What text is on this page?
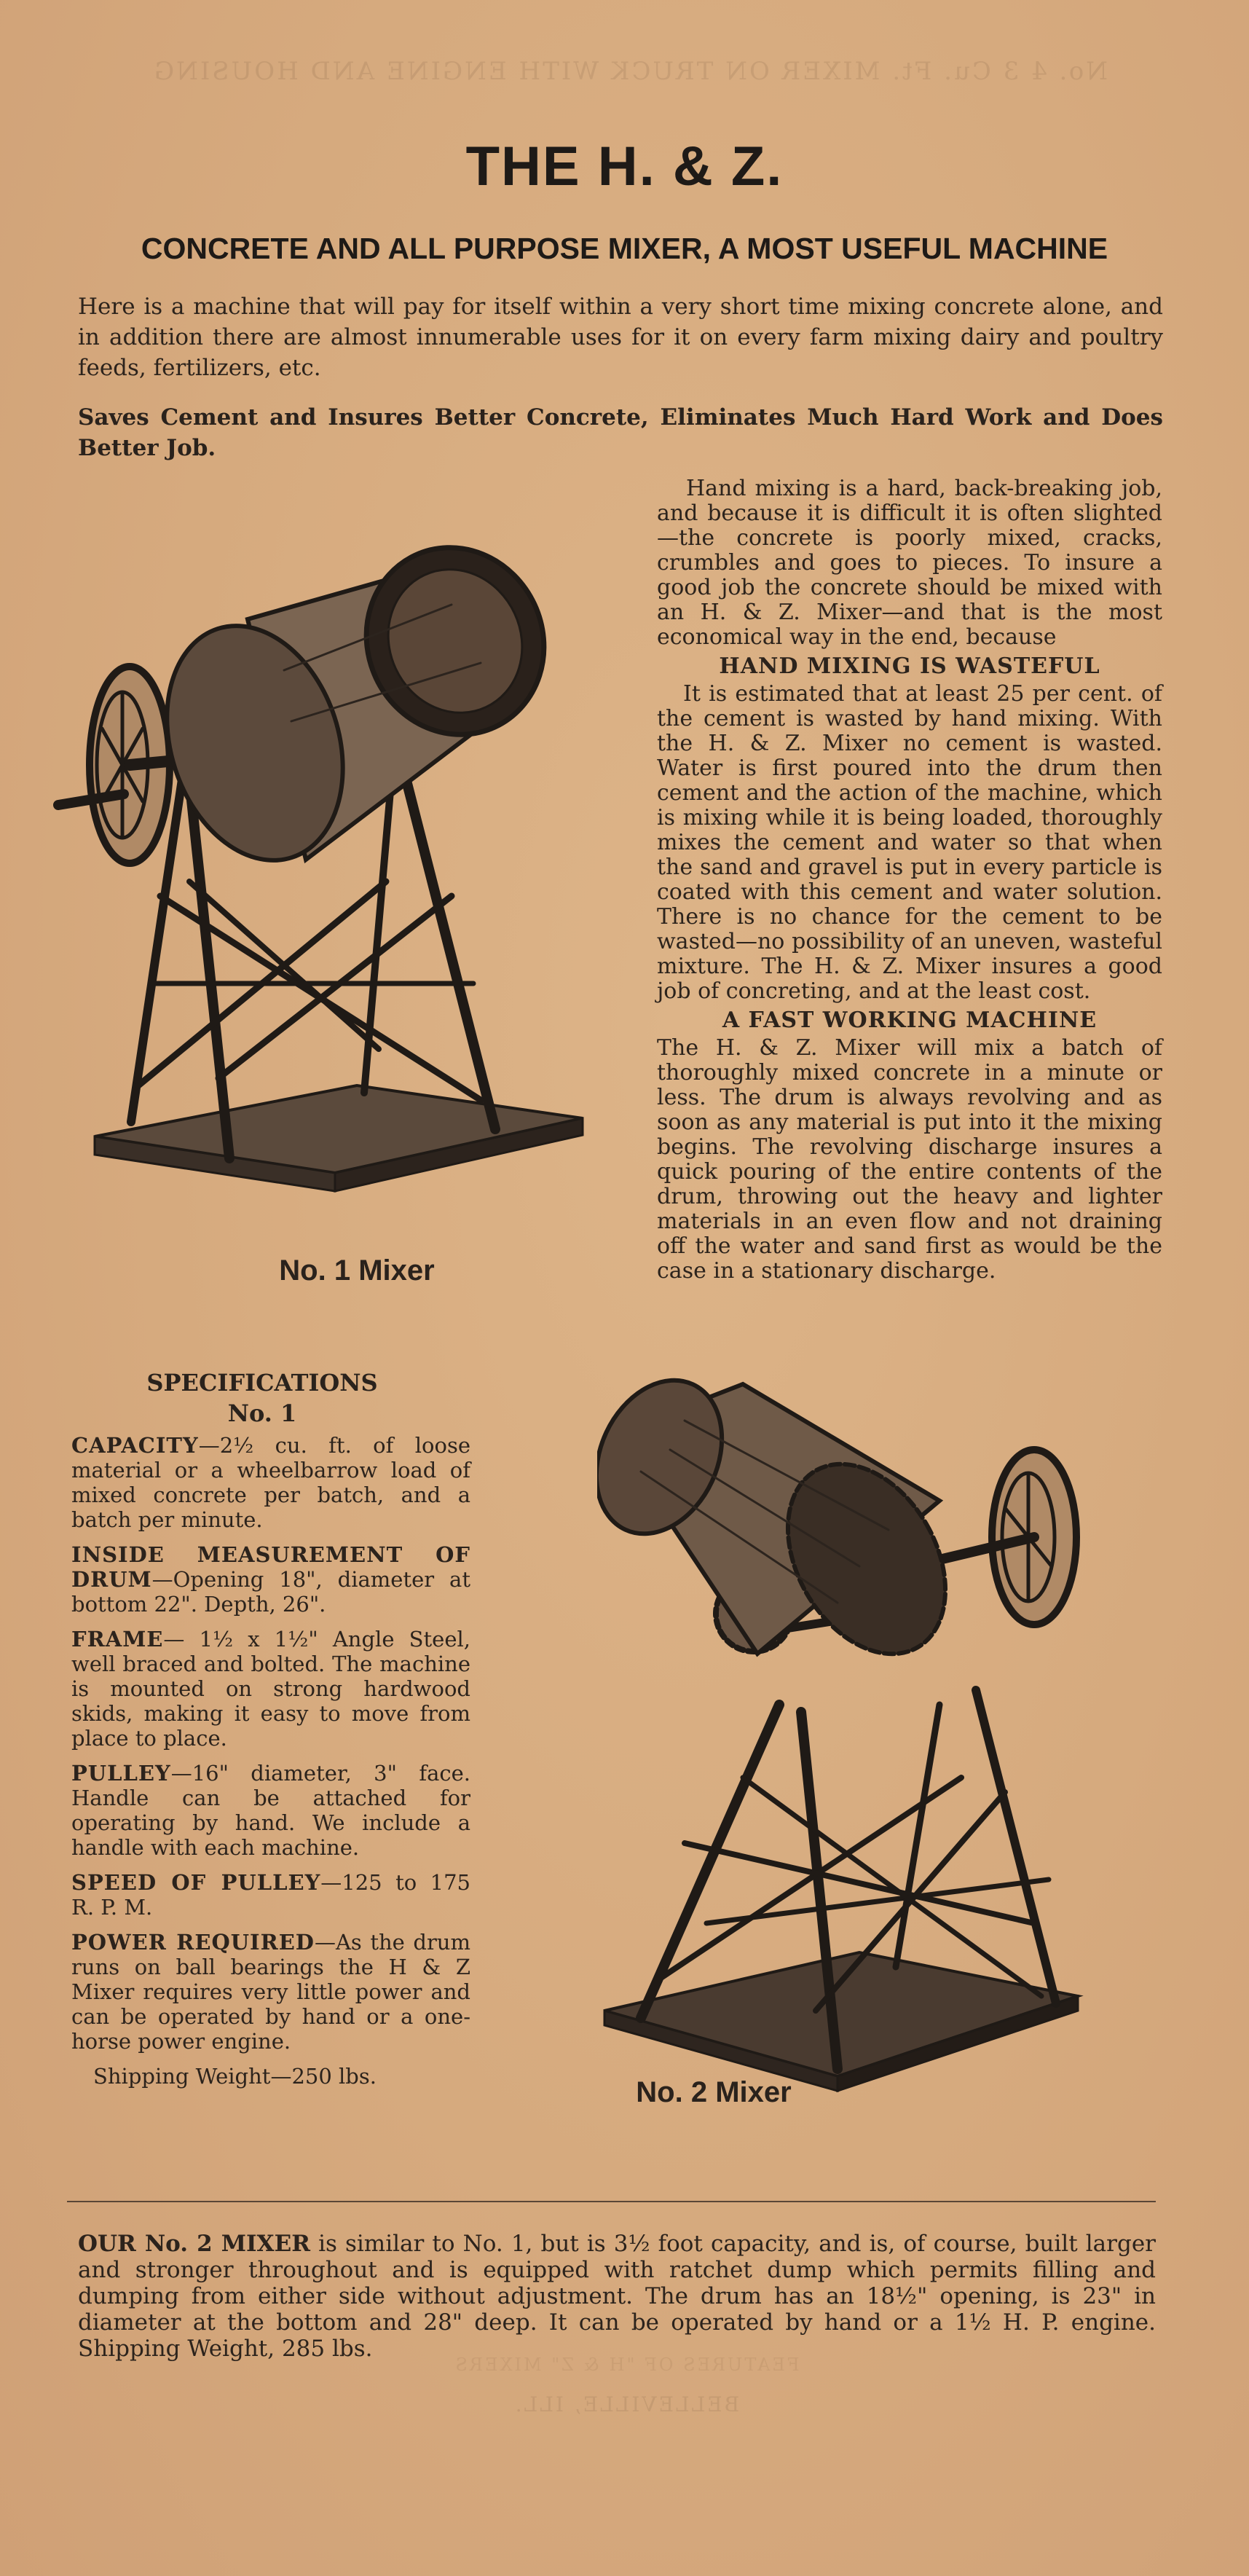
No. 4 3 Cu. Ft. MIXER ON TRUCK WITH ENGINE AND HOUSING
FEATURES OF "H & Z" MIXERS
BELLEVILLE, ILL.
THE H. & Z.
CONCRETE AND ALL PURPOSE MIXER, A MOST USEFUL MACHINE
Here is a machine that will pay for itself within a very short time mixing concrete alone, and in addition there are almost innumerable uses for it on every farm mixing dairy and poultry feeds, fertilizers, etc.
Saves Cement and Insures Better Concrete, Eliminates Much Hard Work and Does Better Job.
No. 1 Mixer

Hand mixing is a hard, back-breaking job, and because it is difficult it is often slighted—the concrete is poorly mixed, cracks, crumbles and goes to pieces. To insure a good job the concrete should be mixed with an H. & Z. Mixer—and that is the most economical way in the end, because

HAND MIXING IS WASTEFUL

It is estimated that at least 25 per cent. of the cement is wasted by hand mixing. With the H. & Z. Mixer no cement is wasted. Water is first poured into the drum then cement and the action of the machine, which is mixing while it is being loaded, thoroughly mixes the cement and water so that when the sand and gravel is put in every particle is coated with this cement and water solution. There is no chance for the cement to be wasted—no possibility of an uneven, wasteful mixture. The H. & Z. Mixer insures a good job of concreting, and at the least cost.

A FAST WORKING MACHINE

The H. & Z. Mixer will mix a batch of thoroughly mixed concrete in a minute or less. The drum is always revolving and as soon as any material is put into it the mixing begins. The revolving discharge insures a quick pouring of the entire contents of the drum, throwing out the heavy and lighter materials in an even flow and not draining off the water and sand first as would be the case in a stationary discharge.

SPECIFICATIONS
No. 1

CAPACITY—2½ cu. ft. of loose material or a wheelbarrow load of mixed concrete per batch, and a batch per minute.

INSIDE MEASUREMENT OF DRUM—Opening 18", diameter at bottom 22". Depth, 26".

FRAME— 1½ x 1½" Angle Steel, well braced and bolted. The machine is mounted on strong hardwood skids, making it easy to move from place to place.

PULLEY—16" diameter, 3" face. Handle can be attached for operating by hand. We include a handle with each machine.

SPEED OF PULLEY—125 to 175 R. P. M.

POWER REQUIRED—As the drum runs on ball bearings the H & Z Mixer requires very little power and can be operated by hand or a one-horse power engine.

Shipping Weight—250 lbs.	No. 2 Mixer
OUR No. 2 MIXER is similar to No. 1, but is 3½ foot capacity, and is, of course, built larger and stronger throughout and is equipped with ratchet dump which permits filling and dumping from either side without adjustment. The drum has an 18½" opening, is 23" in diameter at the bottom and 28" deep. It can be operated by hand or a 1½ H. P. engine. Shipping Weight, 285 lbs.
